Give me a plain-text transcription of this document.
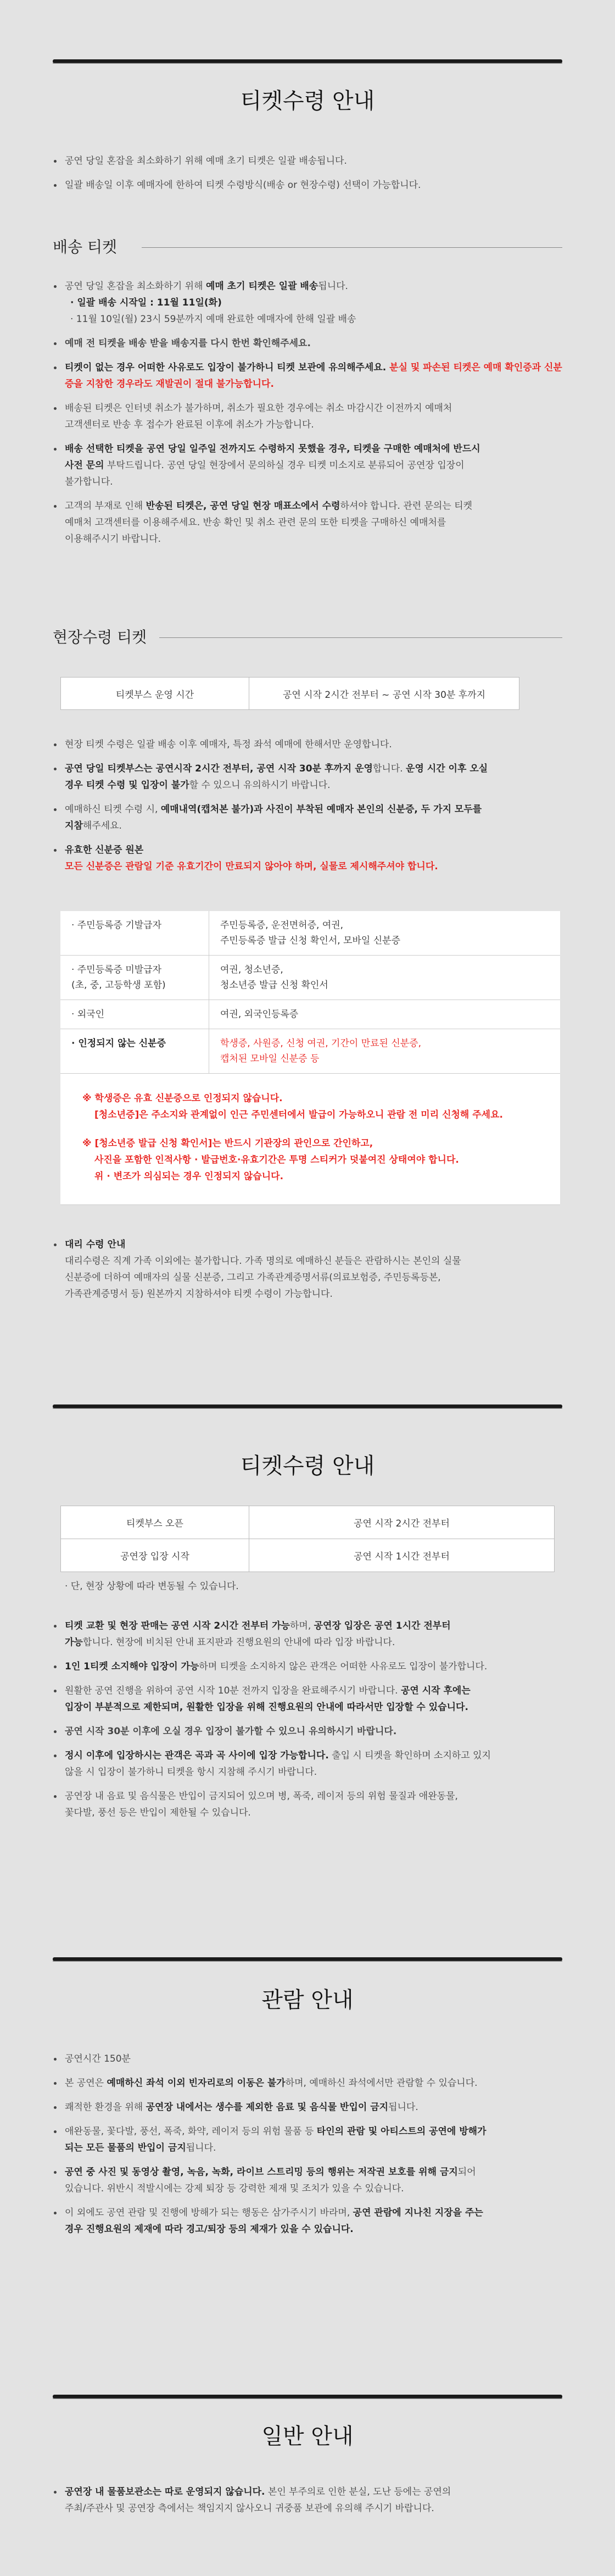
티켓수령 안내
공연 당일 혼잡을 최소화하기 위해 예매 초기 티켓은 일괄 배송됩니다.
일괄 배송일 이후 예매자에 한하여 티켓 수령방식(배송 or 현장수령) 선택이 가능합니다.
배송 티켓
공연 당일 혼잡을 최소화하기 위해 예매 초기 티켓은 일괄 배송됩니다.
· 일괄 배송 시작일 : 11월 11일(화)
· 11월 10일(월) 23시 59분까지 예매 완료한 예매자에 한해 일괄 배송
예매 전 티켓을 배송 받을 배송지를 다시 한번 확인해주세요.
티켓이 없는 경우 어떠한 사유로도 입장이 불가하니 티켓 보관에 유의해주세요. 분실 및 파손된 티켓은 예매 확인증과 신분증을 지참한 경우라도 재발권이 절대 불가능합니다.
배송된 티켓은 인터넷 취소가 불가하며, 취소가 필요한 경우에는 취소 마감시간 이전까지 예매처
고객센터로 반송 후 접수가 완료된 이후에 취소가 가능합니다.
배송 선택한 티켓을 공연 당일 일주일 전까지도 수령하지 못했을 경우, 티켓을 구매한 예매처에 반드시
사전 문의 부탁드립니다. 공연 당일 현장에서 문의하실 경우 티켓 미소지로 분류되어 공연장 입장이
불가합니다.
고객의 부재로 인해 반송된 티켓은, 공연 당일 현장 매표소에서 수령하셔야 합니다. 관련 문의는 티켓
예매처 고객센터를 이용해주세요. 반송 확인 및 취소 관련 문의 또한 티켓을 구매하신 예매처를
이용해주시기 바랍니다.
현장수령 티켓
티켓부스 운영 시간	공연 시작 2시간 전부터 ~ 공연 시작 30분 후까지
현장 티켓 수령은 일괄 배송 이후 예매자, 특정 좌석 예매에 한해서만 운영합니다.
공연 당일 티켓부스는 공연시작 2시간 전부터, 공연 시작 30분 후까지 운영합니다. 운영 시간 이후 오실
경우 티켓 수령 및 입장이 불가할 수 있으니 유의하시기 바랍니다.
예매하신 티켓 수령 시, 예매내역(캡처본 불가)과 사진이 부착된 예매자 본인의 신분증, 두 가지 모두를
지참해주세요.
유효한 신분증 원본
모든 신분증은 관람일 기준 유효기간이 만료되지 않아야 하며, 실물로 제시해주셔야 합니다.
· 주민등록증 기발급자	주민등록증, 운전면허증, 여권,
주민등록증 발급 신청 확인서, 모바일 신분증
· 주민등록증 미발급자
(초, 중, 고등학생 포함)	여권, 청소년증,
청소년증 발급 신청 확인서
· 외국인	여권, 외국인등록증
· 인정되지 않는 신분증	학생증, 사원증, 신청 여권, 기간이 만료된 신분증,
캡처된 모바일 신분증 등

※ 학생증은 유효 신분증으로 인정되지 않습니다.
[청소년증]은 주소지와 관계없이 인근 주민센터에서 발급이 가능하오니 관람 전 미리 신청해 주세요.
※ [청소년증 발급 신청 확인서]는 반드시 기관장의 관인으로 간인하고,
사진을 포함한 인적사항 · 발급번호·유효기간은 투명 스티커가 덧붙여진 상태여야 합니다.
위 · 변조가 의심되는 경우 인정되지 않습니다.	
대리 수령 안내
대리수령은 직계 가족 이외에는 불가합니다. 가족 명의로 예매하신 분들은 관람하시는 본인의 실물
신분증에 더하여 예매자의 실물 신분증, 그리고 가족관계증명서류(의료보험증, 주민등록등본,
가족관계증명서 등) 원본까지 지참하셔야 티켓 수령이 가능합니다.
티켓수령 안내
티켓부스 오픈	공연 시작 2시간 전부터
공연장 입장 시작	공연 시작 1시간 전부터
· 단, 현장 상황에 따라 변동될 수 있습니다.
티켓 교환 및 현장 판매는 공연 시작 2시간 전부터 가능하며, 공연장 입장은 공연 1시간 전부터
가능합니다. 현장에 비치된 안내 표지판과 진행요원의 안내에 따라 입장 바랍니다.
1인 1티켓 소지해야 입장이 가능하며 티켓을 소지하지 않은 관객은 어떠한 사유로도 입장이 불가합니다.
원활한 공연 진행을 위하여 공연 시작 10분 전까지 입장을 완료해주시기 바랍니다. 공연 시작 후에는
입장이 부분적으로 제한되며, 원활한 입장을 위해 진행요원의 안내에 따라서만 입장할 수 있습니다.
공연 시작 30분 이후에 오실 경우 입장이 불가할 수 있으니 유의하시기 바랍니다.
정시 이후에 입장하시는 관객은 곡과 곡 사이에 입장 가능합니다. 출입 시 티켓을 확인하며 소지하고 있지
않을 시 입장이 불가하니 티켓을 항시 지참해 주시기 바랍니다.
공연장 내 음료 및 음식물은 반입이 금지되어 있으며 병, 폭죽, 레이저 등의 위험 물질과 애완동물,
꽃다발, 풍선 등은 반입이 제한될 수 있습니다.
관람 안내
공연시간 150분
본 공연은 예매하신 좌석 이외 빈자리로의 이동은 불가하며, 예매하신 좌석에서만 관람할 수 있습니다.
쾌적한 환경을 위해 공연장 내에서는 생수를 제외한 음료 및 음식물 반입이 금지됩니다.
애완동물, 꽃다발, 풍선, 폭죽, 화약, 레이저 등의 위험 물품 등 타인의 관람 및 아티스트의 공연에 방해가
되는 모든 물품의 반입이 금지됩니다.
공연 중 사진 및 동영상 촬영, 녹음, 녹화, 라이브 스트리밍 등의 행위는 저작권 보호를 위해 금지되어
있습니다. 위반시 적발시에는 강제 퇴장 등 강력한 제재 및 조치가 있을 수 있습니다.
이 외에도 공연 관람 및 진행에 방해가 되는 행동은 삼가주시기 바라며, 공연 관람에 지나친 지장을 주는
경우 진행요원의 제재에 따라 경고/퇴장 등의 제재가 있을 수 있습니다.
일반 안내
공연장 내 물품보관소는 따로 운영되지 않습니다. 본인 부주의로 인한 분실, 도난 등에는 공연의
주최/주관사 및 공연장 측에서는 책임지지 않사오니 귀중품 보관에 유의해 주시기 바랍니다.
